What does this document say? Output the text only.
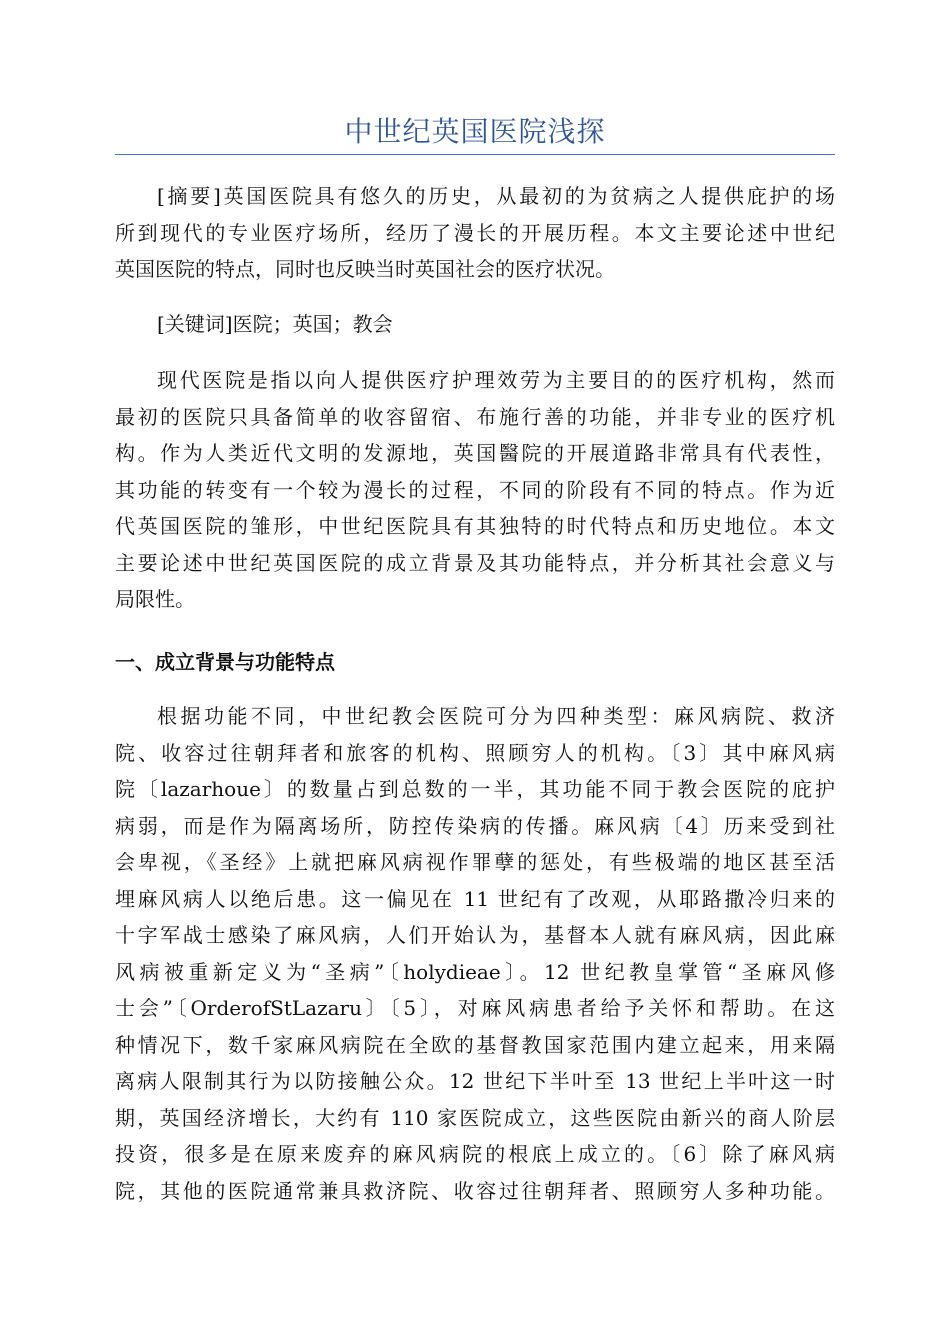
中世纪英国医院浅探
[摘要]英国医院具有悠久的历史，从最初的为贫病之人提供庇护的场
所到现代的专业医疗场所，经历了漫长的开展历程。本文主要论述中世纪
英国医院的特点，同时也反映当时英国社会的医疗状况。
[关键词]医院；英国；教会
现代医院是指以向人提供医疗护理效劳为主要目的的医疗机构，然而
最初的医院只具备简单的收容留宿、布施行善的功能，并非专业的医疗机
构。作为人类近代文明的发源地，英国醫院的开展道路非常具有代表性，
其功能的转变有一个较为漫长的过程，不同的阶段有不同的特点。作为近
代英国医院的雏形，中世纪医院具有其独特的时代特点和历史地位。本文
主要论述中世纪英国医院的成立背景及其功能特点，并分析其社会意义与
局限性。
一、成立背景与功能特点
根据功能不同，中世纪教会医院可分为四种类型：麻风病院、救济
院、收容过往朝拜者和旅客的机构、照顾穷人的机构。〔3〕其中麻风病
院〔lazarhoue〕的数量占到总数的一半，其功能不同于教会医院的庇护
病弱，而是作为隔离场所，防控传染病的传播。麻风病〔4〕历来受到社
会卑视，《圣经》上就把麻风病视作罪孽的惩处，有些极端的地区甚至活
埋麻风病人以绝后患。这一偏见在 11 世纪有了改观，从耶路撒冷归来的
十字军战士感染了麻风病，人们开始认为，基督本人就有麻风病，因此麻
风病被重新定义为“圣病”〔holydieae〕。12 世纪教皇掌管“圣麻风修
士会”〔OrderofStLazaru〕〔5〕，对麻风病患者给予关怀和帮助。在这
种情况下，数千家麻风病院在全欧的基督教国家范围内建立起来，用来隔
离病人限制其行为以防接触公众。12 世纪下半叶至 13 世纪上半叶这一时
期，英国经济增长，大约有 110 家医院成立，这些医院由新兴的商人阶层
投资，很多是在原来废弃的麻风病院的根底上成立的。〔6〕除了麻风病
院，其他的医院通常兼具救济院、收容过往朝拜者、照顾穷人多种功能。
